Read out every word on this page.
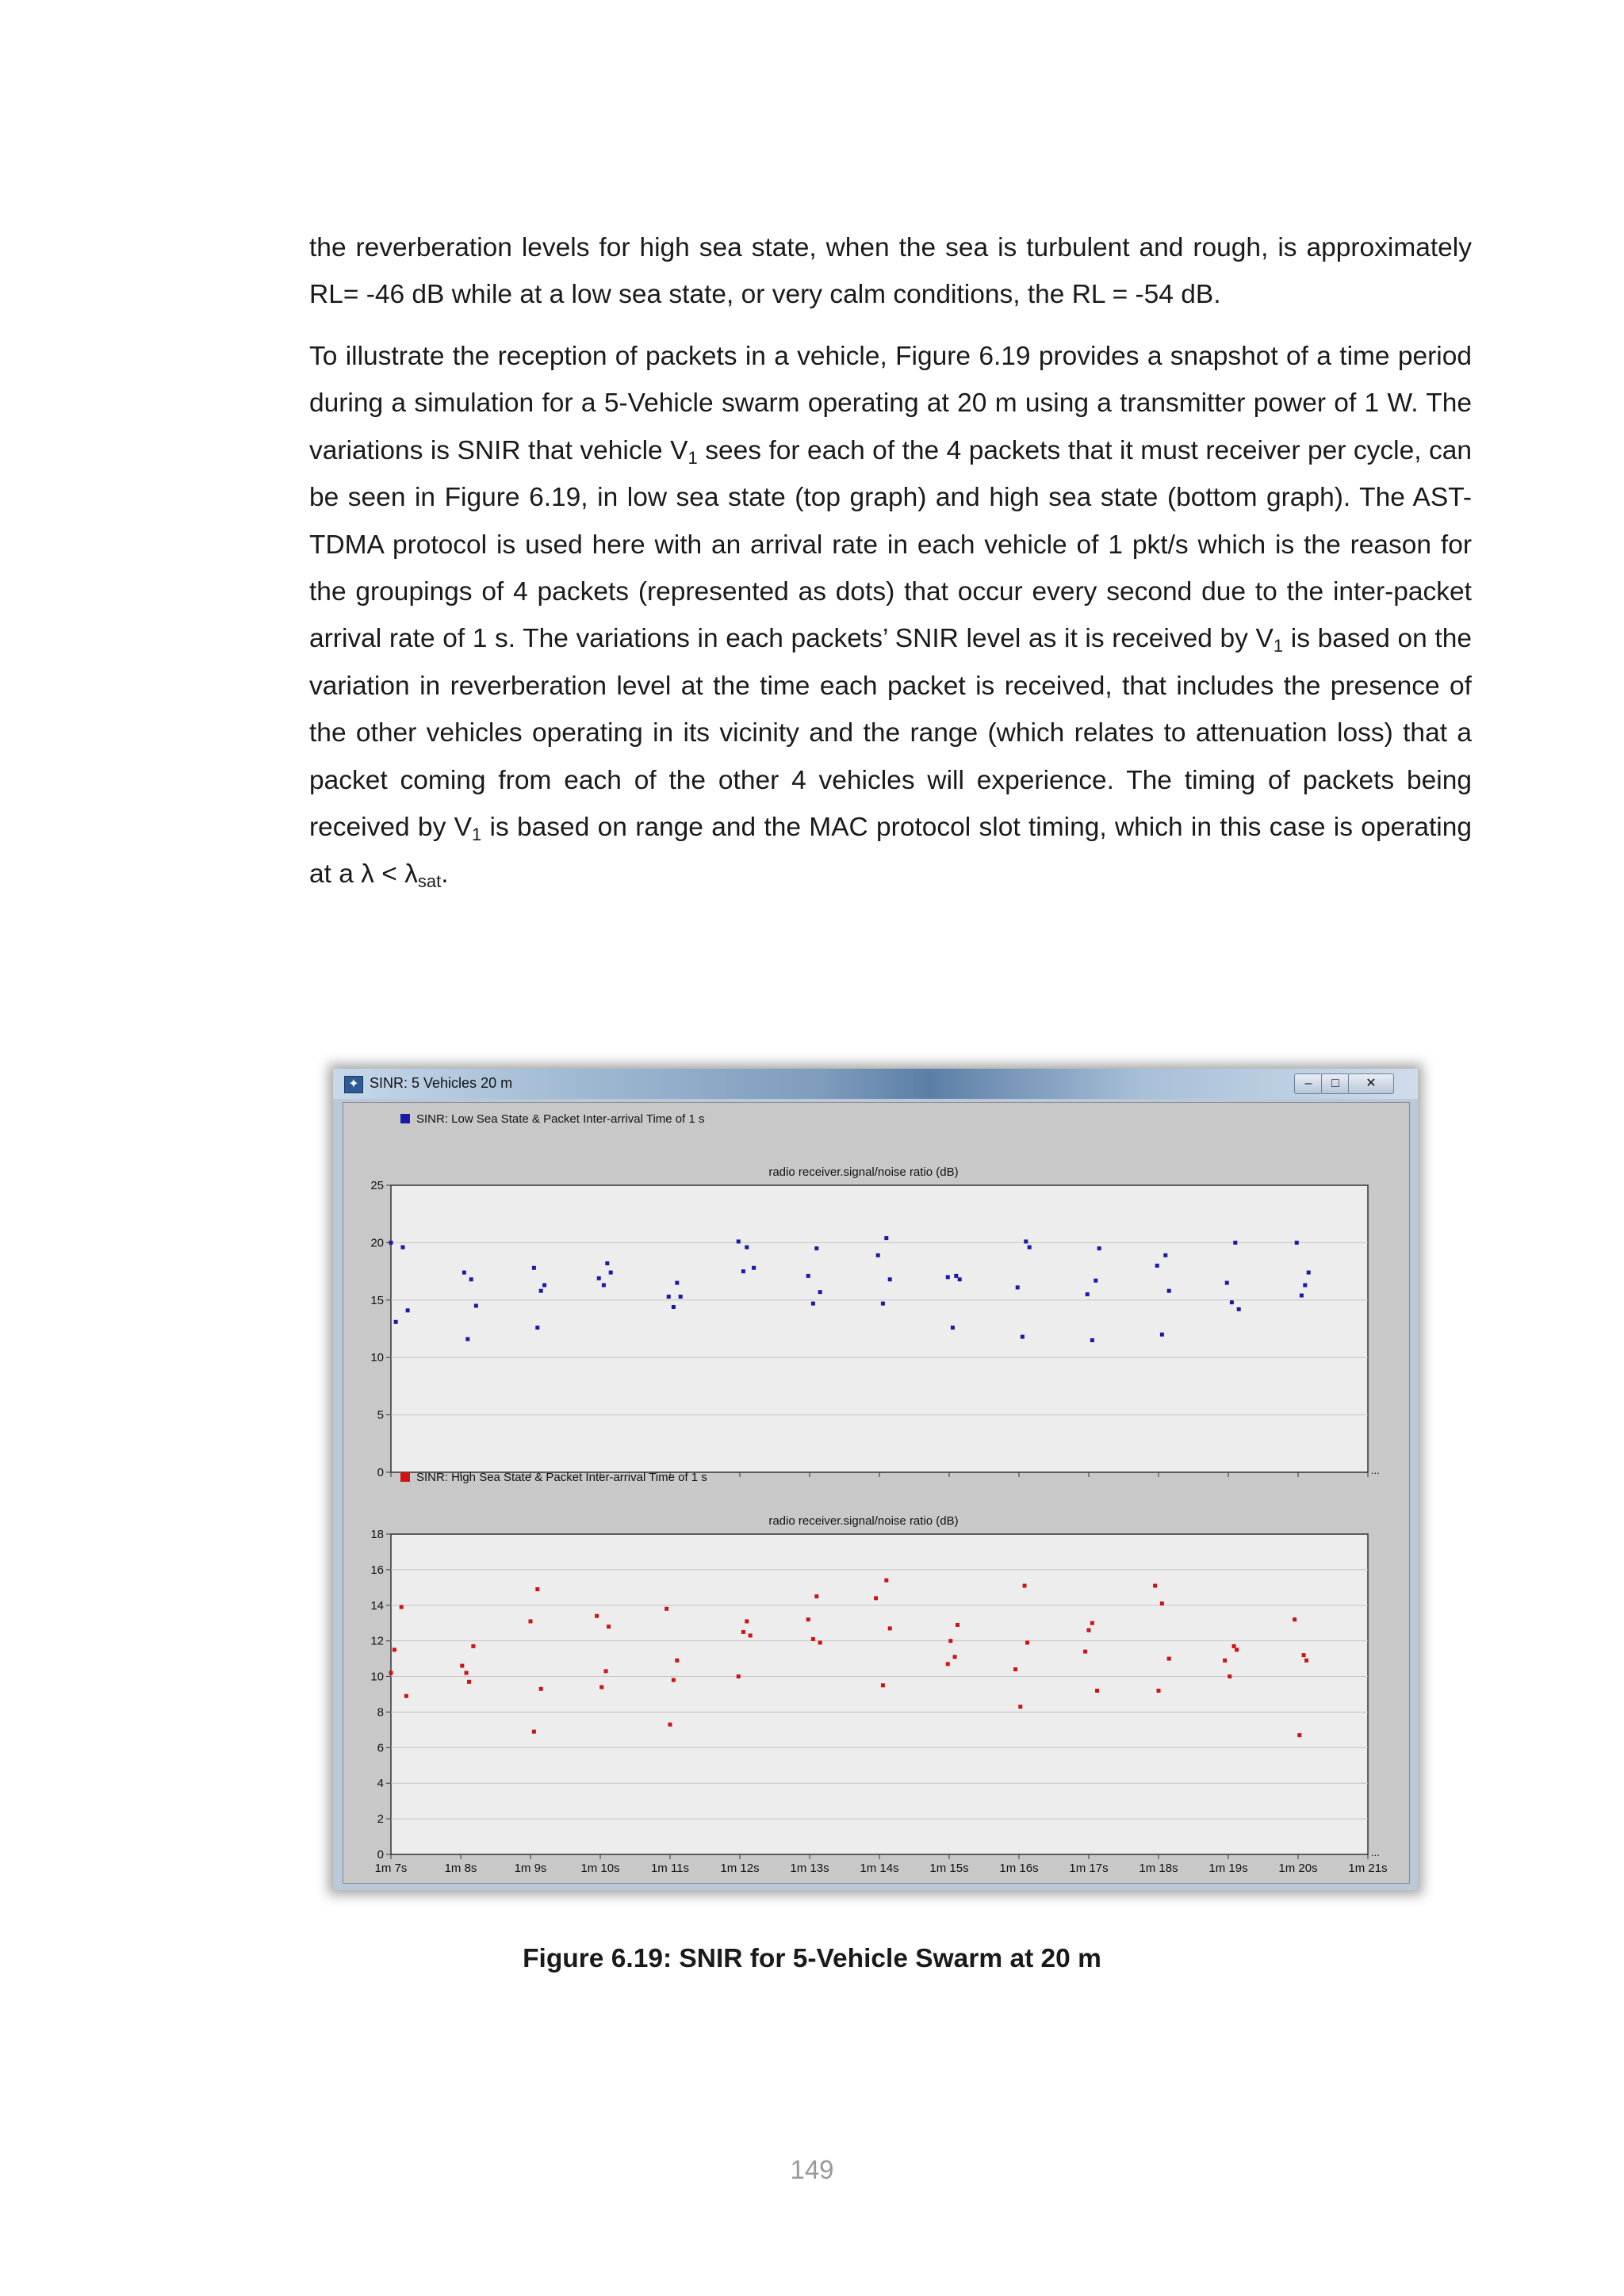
the reverberation levels for high sea state, when the sea is turbulent and rough, is approximately RL= -46 dB while at a low sea state, or very calm conditions, the RL = -54 dB.

To illustrate the reception of packets in a vehicle, Figure 6.19 provides a snapshot of a time period during a simulation for a 5-Vehicle swarm operating at 20 m using a transmitter power of 1 W. The variations is SNIR that vehicle $V_1$ sees for each of the 4 packets that it must receiver per cycle, can be seen in Figure 6.19, in low sea state (top graph) and high sea state (bottom graph). The AST-TDMA protocol is used here with an arrival rate in each vehicle of 1 pkt/s which is the reason for the groupings of 4 packets (represented as dots) that occur every second due to the inter-packet arrival rate of 1 s. The variations in each packets’ SNIR level as it is received by $V_1$ is based on the variation in reverberation level at the time each packet is received, that includes the presence of the other vehicles operating in its vicinity and the range (which relates to attenuation loss) that a packet coming from each of the other 4 vehicles will experience. The timing of packets being received by $V_1$ is based on range and the MAC protocol slot timing, which in this case is operating at a $\lambda < \lambda_{sat}$.

✦ SINR: 5 Vehicles 20 m	–	□	✕
SINR: Low Sea State & Packet Inter-arrival Time of 1 s
radio receiver.signal/noise ratio (dB)
0
5
10
15
20
25
...
SINR: High Sea State & Packet Inter-arrival Time of 1 s
radio receiver.signal/noise ratio (dB)
0
2
4
6
8
10
12
14
16
18
...
1m 7s	1m 8s	1m 9s	1m 10s	1m 11s	1m 12s	1m 13s	1m 14s	1m 15s	1m 16s	1m 17s	1m 18s	1m 19s	1m 20s	1m 21s
Figure 6.19: SNIR for 5-Vehicle Swarm at 20 m
149
